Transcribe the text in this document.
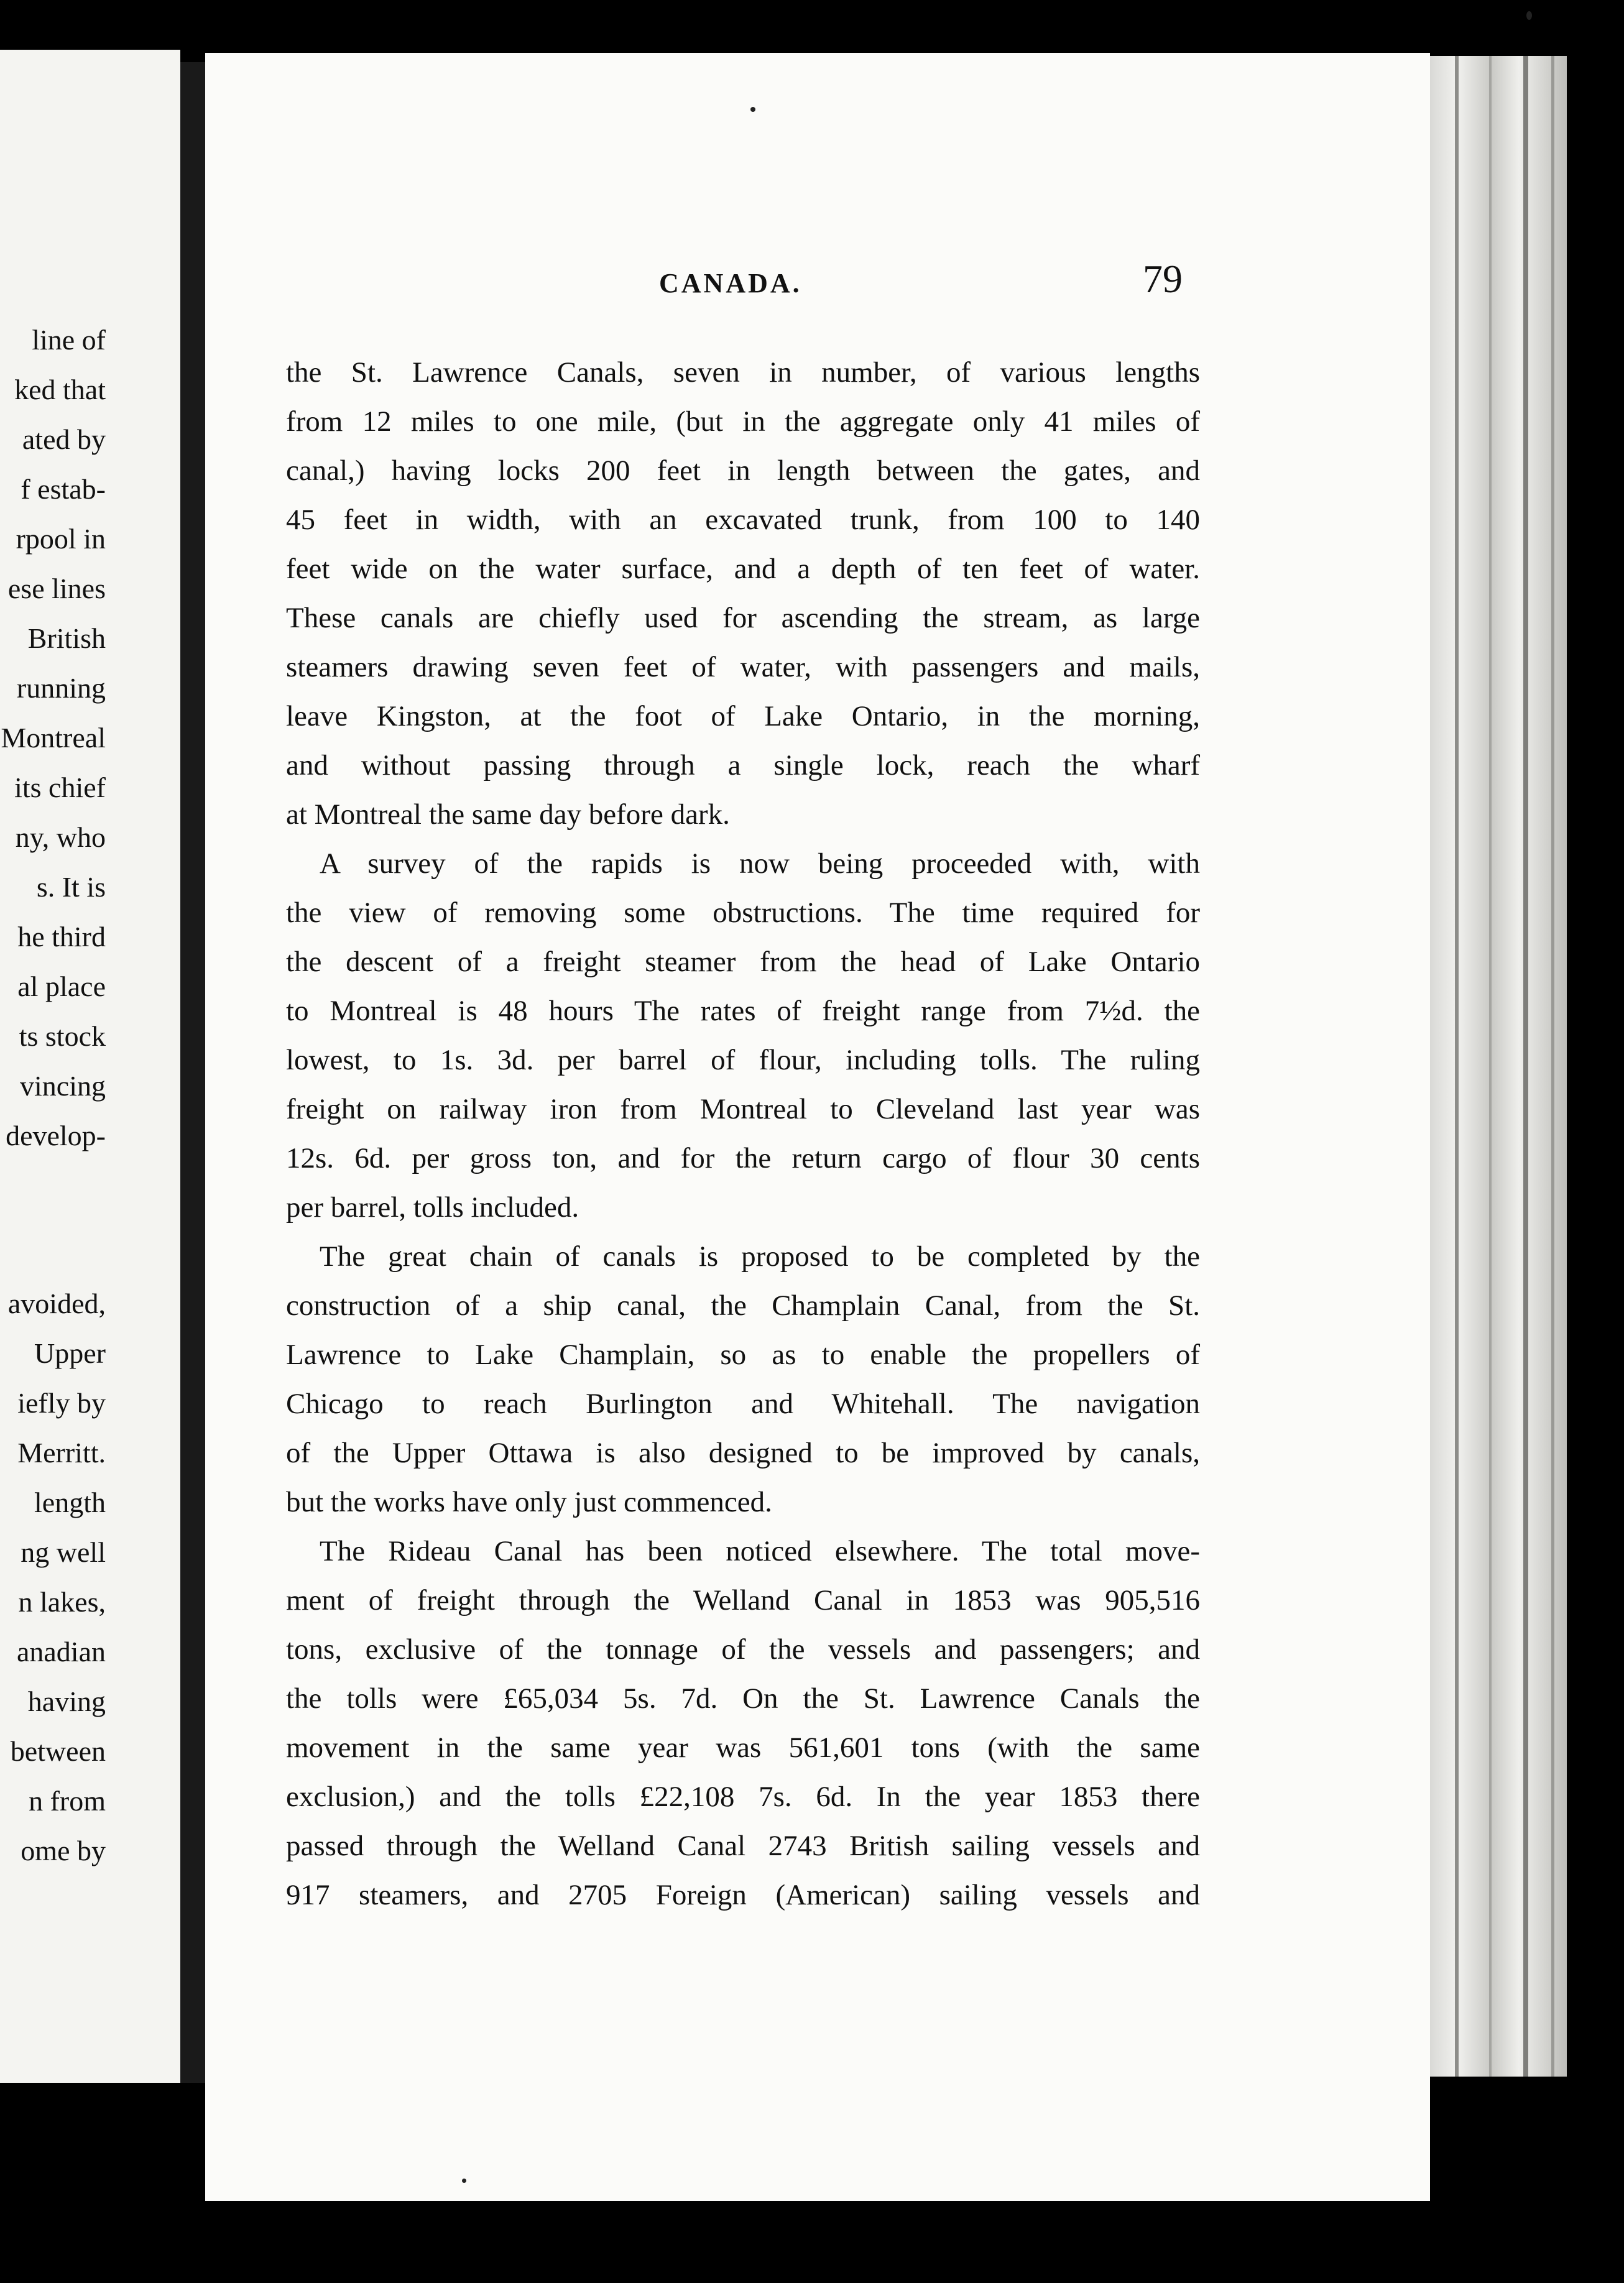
line of
ked that
ated by
f estab-
rpool in
ese lines
British
running
Montreal
its chief
ny, who
s. It is
he third
al place
ts stock
vincing
develop-
avoided,
Upper
iefly by
Merritt.
length
ng well
n lakes,
anadian
having
between
n from
ome by
CANADA.	79
the St. Lawrence Canals, seven in number, of various lengths
from 12 miles to one mile, (but in the aggregate only 41 miles of
canal,) having locks 200 feet in length between the gates, and
45 feet in width, with an excavated trunk, from 100 to 140
feet wide on the water surface, and a depth of ten feet of water.
These canals are chiefly used for ascending the stream, as large
steamers drawing seven feet of water, with passengers and mails,
leave Kingston, at the foot of Lake Ontario, in the morning,
and without passing through a single lock, reach the wharf
at Montreal the same day before dark.
A survey of the rapids is now being proceeded with, with
the view of removing some obstructions. The time required for
the descent of a freight steamer from the head of Lake Ontario
to Montreal is 48 hours The rates of freight range from 7½d. the
lowest, to 1s. 3d. per barrel of flour, including tolls. The ruling
freight on railway iron from Montreal to Cleveland last year was
12s. 6d. per gross ton, and for the return cargo of flour 30 cents
per barrel, tolls included.
The great chain of canals is proposed to be completed by the
construction of a ship canal, the Champlain Canal, from the St.
Lawrence to Lake Champlain, so as to enable the propellers of
Chicago to reach Burlington and Whitehall. The navigation
of the Upper Ottawa is also designed to be improved by canals,
but the works have only just commenced.
The Rideau Canal has been noticed elsewhere. The total move-
ment of freight through the Welland Canal in 1853 was 905,516
tons, exclusive of the tonnage of the vessels and passengers; and
the tolls were £65,034 5s. 7d. On the St. Lawrence Canals the
movement in the same year was 561,601 tons (with the same
exclusion,) and the tolls £22,108 7s. 6d. In the year 1853 there
passed through the Welland Canal 2743 British sailing vessels and
917 steamers, and 2705 Foreign (American) sailing vessels and
